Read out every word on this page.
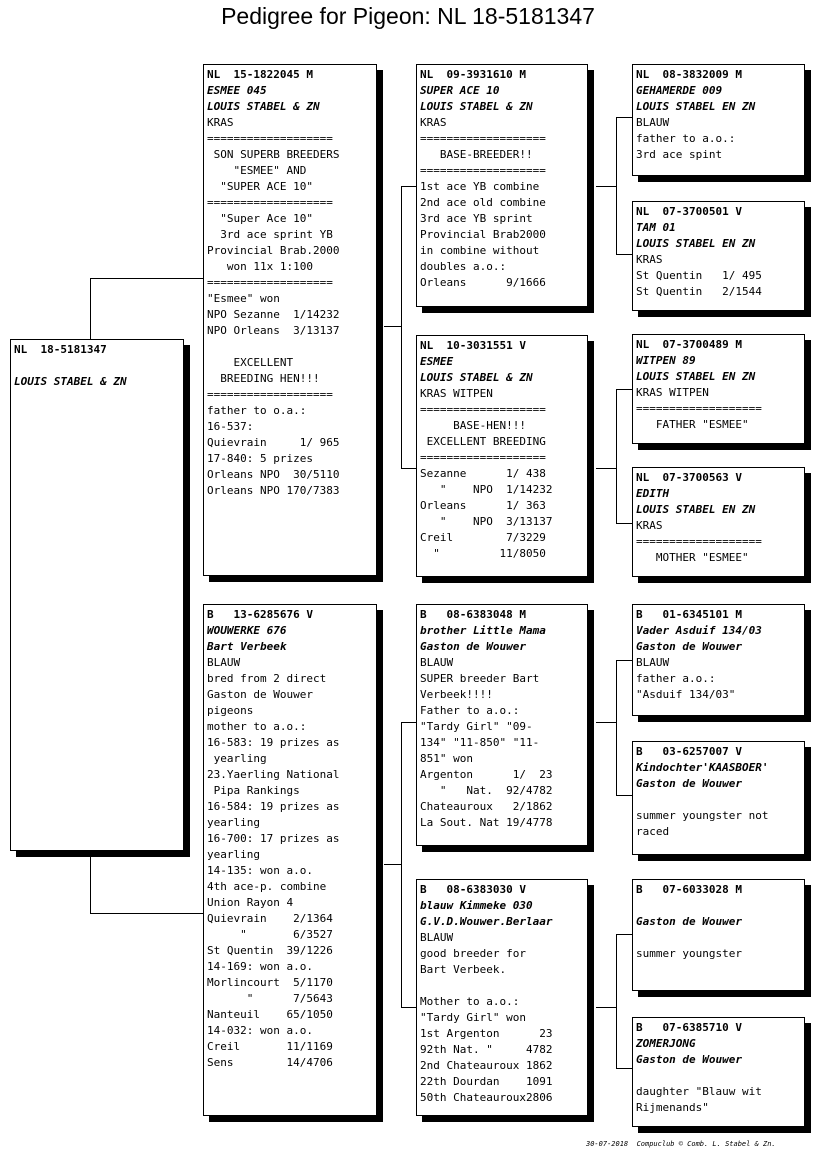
Pedigree for Pigeon: NL 18-5181347
NL  18-5181347
LOUIS STABEL & ZN
NL  15-1822045 M
ESMEE 045
LOUIS STABEL & ZN
KRAS
===================
SON SUPERB BREEDERS
"ESMEE" AND
"SUPER ACE 10"
===================
"Super Ace 10"
3rd ace sprint YB
Provincial Brab.2000
won 11x 1:100
===================
"Esmee" won
NPO Sezanne  1/14232
NPO Orleans  3/13137
EXCELLENT
BREEDING HEN!!!
===================
father to o.a.:
16-537:
Quievrain     1/ 965
17-840: 5 prizes
Orleans NPO  30/5110
Orleans NPO 170/7383
B   13-6285676 V
WOUWERKE 676
Bart Verbeek
BLAUW
bred from 2 direct
Gaston de Wouwer
pigeons
mother to a.o.:
16-583: 19 prizes as
yearling
23.Yaerling National
Pipa Rankings
16-584: 19 prizes as
yearling
16-700: 17 prizes as
yearling
14-135: won a.o.
4th ace-p. combine
Union Rayon 4
Quievrain    2/1364
"       6/3527
St Quentin  39/1226
14-169: won a.o.
Morlincourt  5/1170
"      7/5643
Nanteuil    65/1050
14-032: won a.o.
Creil       11/1169
Sens        14/4706
NL  09-3931610 M
SUPER ACE 10
LOUIS STABEL & ZN
KRAS
===================
BASE-BREEDER!!
===================
1st ace YB combine
2nd ace old combine
3rd ace YB sprint
Provincial Brab2000
in combine without
doubles a.o.:
Orleans      9/1666
NL  10-3031551 V
ESMEE
LOUIS STABEL & ZN
KRAS WITPEN
===================
BASE-HEN!!!
EXCELLENT BREEDING
===================
Sezanne      1/ 438
"    NPO  1/14232
Orleans      1/ 363
"    NPO  3/13137
Creil        7/3229
"         11/8050
B   08-6383048 M
brother Little Mama
Gaston de Wouwer
BLAUW
SUPER breeder Bart
Verbeek!!!!
Father to a.o.:
"Tardy Girl" "09-
134" "11-850" "11-
851" won
Argenton      1/  23
"   Nat.  92/4782
Chateauroux   2/1862
La Sout. Nat 19/4778
B   08-6383030 V
blauw Kimmeke 030
G.V.D.Wouwer.Berlaar
BLAUW
good breeder for
Bart Verbeek.
Mother to a.o.:
"Tardy Girl" won
1st Argenton      23
92th Nat. "     4782
2nd Chateauroux 1862
22th Dourdan    1091
50th Chateauroux2806
NL  08-3832009 M
GEHAMERDE 009
LOUIS STABEL EN ZN
BLAUW
father to a.o.:
3rd ace spint
NL  07-3700501 V
TAM 01
LOUIS STABEL EN ZN
KRAS
St Quentin   1/ 495
St Quentin   2/1544
NL  07-3700489 M
WITPEN 89
LOUIS STABEL EN ZN
KRAS WITPEN
===================
FATHER "ESMEE"
NL  07-3700563 V
EDITH
LOUIS STABEL EN ZN
KRAS
===================
MOTHER "ESMEE"
B   01-6345101 M
Vader Asduif 134/03
Gaston de Wouwer
BLAUW
father a.o.:
"Asduif 134/03"
B   03-6257007 V
Kindochter'KAASBOER'
Gaston de Wouwer
summer youngster not
raced
B   07-6033028 M
Gaston de Wouwer
summer youngster
B   07-6385710 V
ZOMERJONG
Gaston de Wouwer
daughter "Blauw wit
Rijmenands"
30-07-2018  Compuclub © Comb. L. Stabel & Zn.
